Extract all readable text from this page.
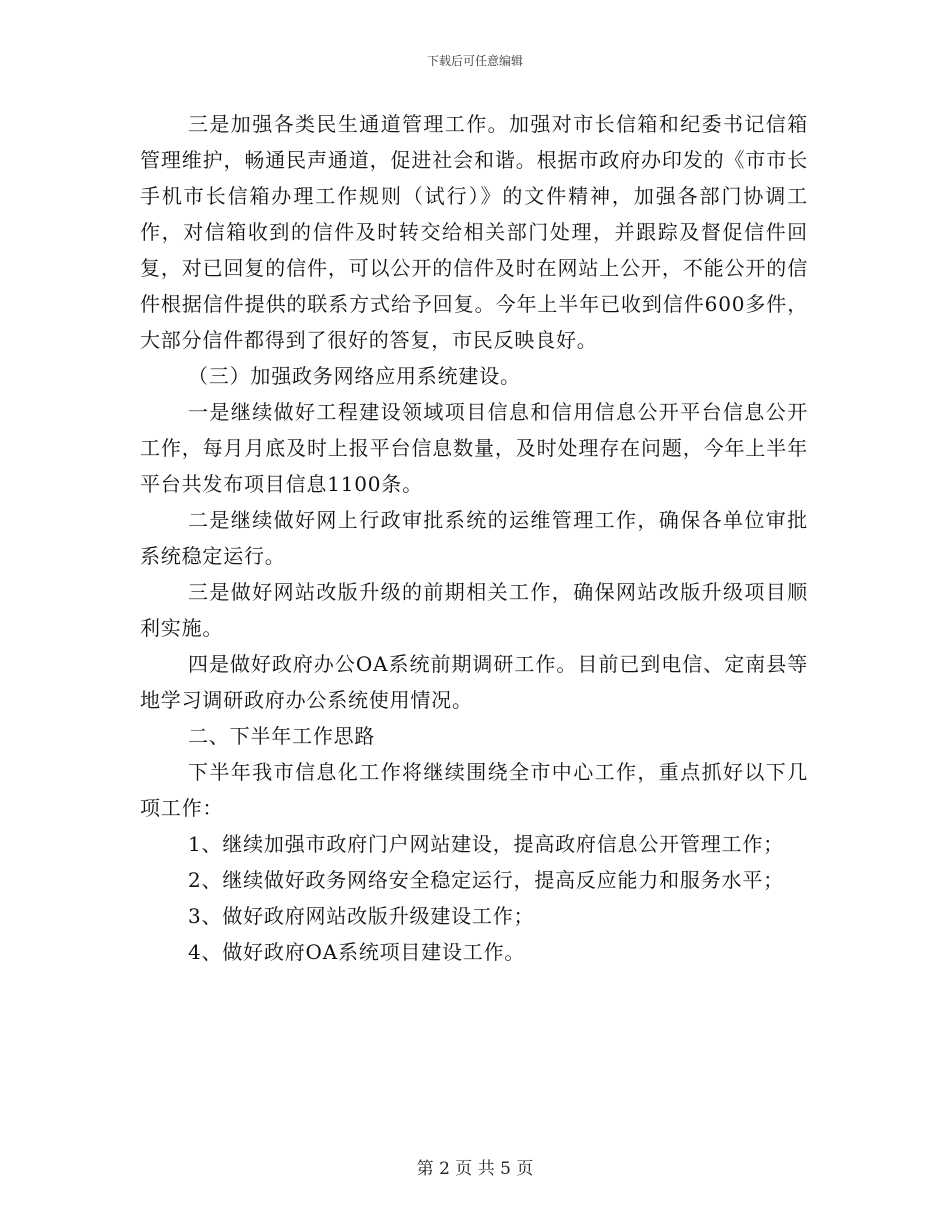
下载后可任意编辑

三是加强各类民生通道管理工作。加强对市长信箱和纪委书记信箱管理维护，畅通民声通道，促进社会和谐。根据市政府办印发的《市市长手机市长信箱办理工作规则（试行）》的文件精神，加强各部门协调工作，对信箱收到的信件及时转交给相关部门处理，并跟踪及督促信件回复，对已回复的信件，可以公开的信件及时在网站上公开，不能公开的信件根据信件提供的联系方式给予回复。今年上半年已收到信件600多件，大部分信件都得到了很好的答复，市民反映良好。

（三）加强政务网络应用系统建设。

一是继续做好工程建设领域项目信息和信用信息公开平台信息公开工作，每月月底及时上报平台信息数量，及时处理存在问题，今年上半年平台共发布项目信息1100条。

二是继续做好网上行政审批系统的运维管理工作，确保各单位审批系统稳定运行。

三是做好网站改版升级的前期相关工作，确保网站改版升级项目顺利实施。

四是做好政府办公OA系统前期调研工作。目前已到电信、定南县等地学习调研政府办公系统使用情况。

二、下半年工作思路

下半年我市信息化工作将继续围绕全市中心工作，重点抓好以下几项工作：

1、继续加强市政府门户网站建设，提高政府信息公开管理工作；

2、继续做好政务网络安全稳定运行，提高反应能力和服务水平；

3、做好政府网站改版升级建设工作；

4、做好政府OA系统项目建设工作。

第 2 页 共 5 页
